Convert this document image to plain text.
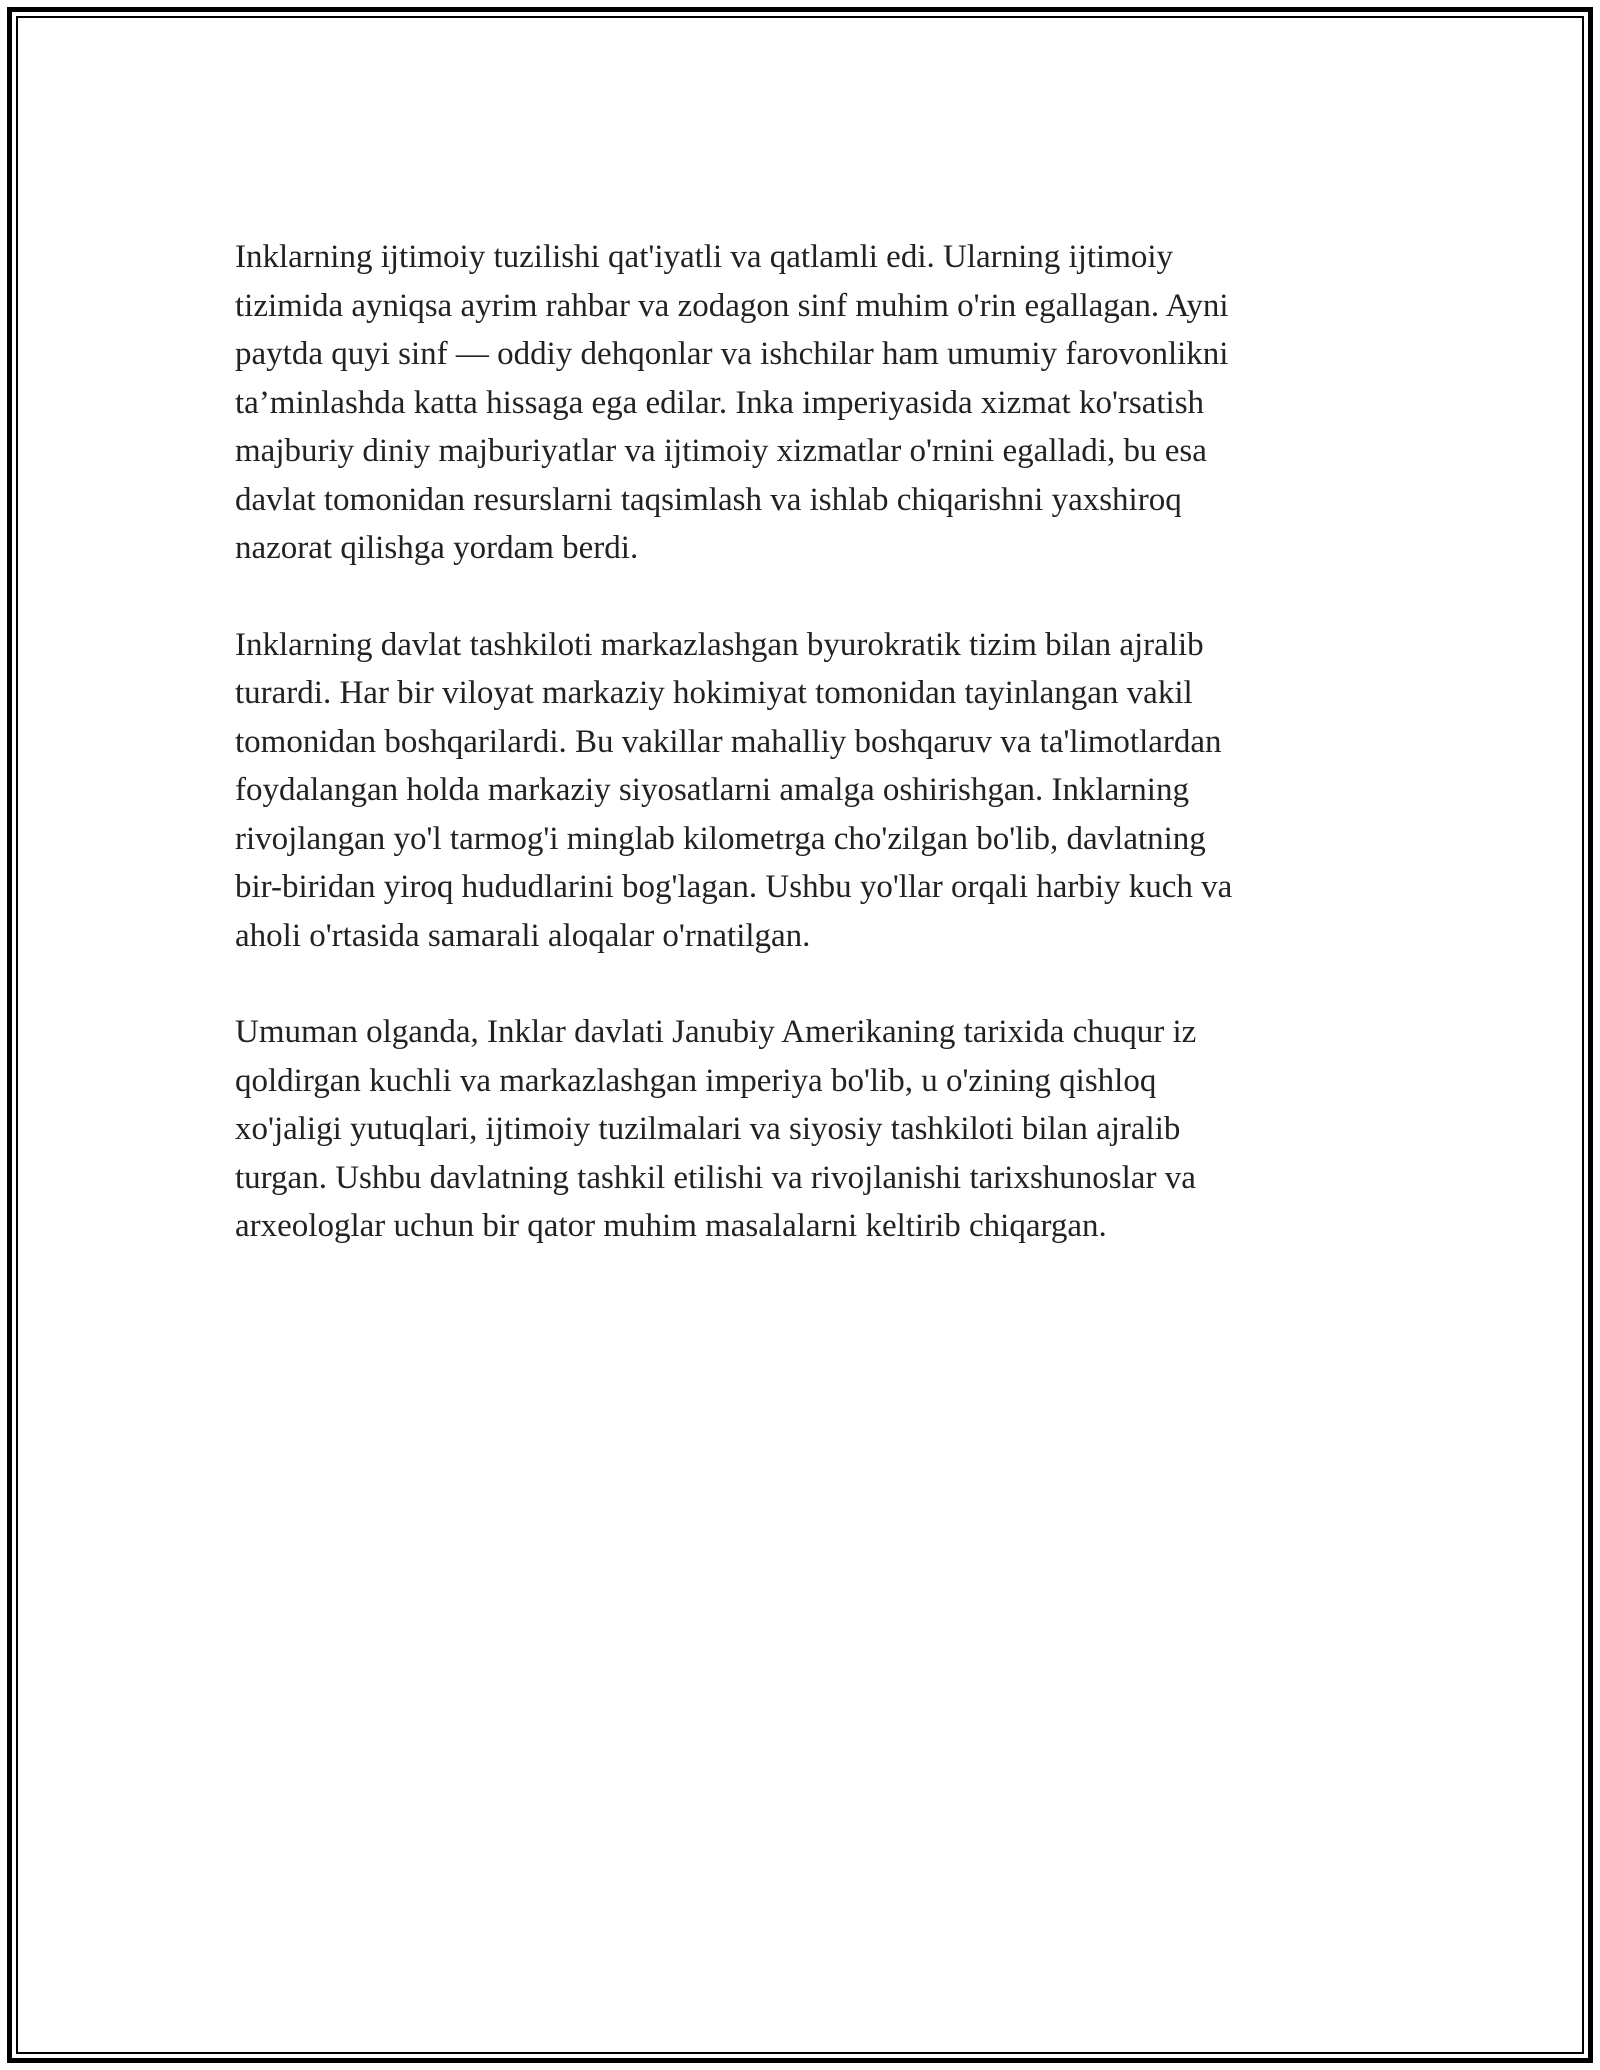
Inklarning ijtimoiy tuzilishi qat'iyatli va qatlamli edi. Ularning ijtimoiy
tizimida ayniqsa ayrim rahbar va zodagon sinf muhim o'rin egallagan. Ayni
paytda quyi sinf — oddiy dehqonlar va ishchilar ham umumiy farovonlikni
ta’minlashda katta hissaga ega edilar. Inka imperiyasida xizmat ko'rsatish
majburiy diniy majburiyatlar va ijtimoiy xizmatlar o'rnini egalladi, bu esa
davlat tomonidan resurslarni taqsimlash va ishlab chiqarishni yaxshiroq
nazorat qilishga yordam berdi.

Inklarning davlat tashkiloti markazlashgan byurokratik tizim bilan ajralib
turardi. Har bir viloyat markaziy hokimiyat tomonidan tayinlangan vakil
tomonidan boshqarilardi. Bu vakillar mahalliy boshqaruv va ta'limotlardan
foydalangan holda markaziy siyosatlarni amalga oshirishgan. Inklarning
rivojlangan yo'l tarmog'i minglab kilometrga cho'zilgan bo'lib, davlatning
bir-biridan yiroq hududlarini bog'lagan. Ushbu yo'llar orqali harbiy kuch va
aholi o'rtasida samarali aloqalar o'rnatilgan.

Umuman olganda, Inklar davlati Janubiy Amerikaning tarixida chuqur iz
qoldirgan kuchli va markazlashgan imperiya bo'lib, u o'zining qishloq
xo'jaligi yutuqlari, ijtimoiy tuzilmalari va siyosiy tashkiloti bilan ajralib
turgan. Ushbu davlatning tashkil etilishi va rivojlanishi tarixshunoslar va
arxeologlar uchun bir qator muhim masalalarni keltirib chiqargan.
